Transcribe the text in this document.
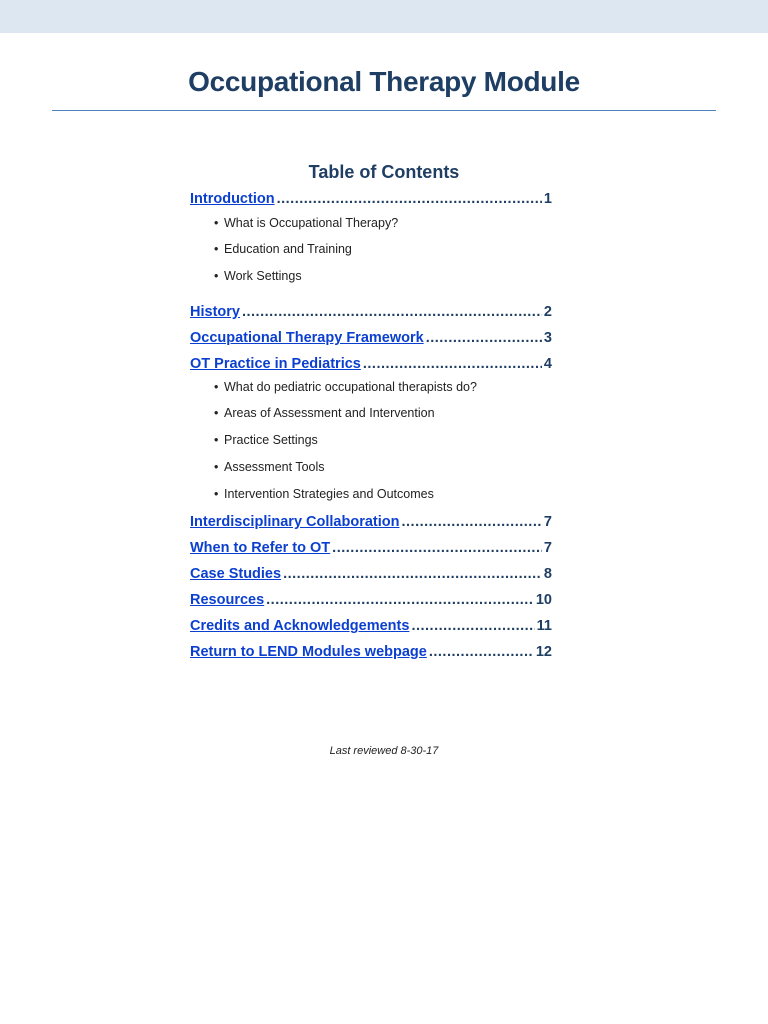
Occupational Therapy Module
Table of Contents
Introduction .....	1
• What is Occupational Therapy?
• Education and Training
• Work Settings
History .....	2
Occupational Therapy Framework .....	3
OT Practice in Pediatrics .....	4
• What do pediatric occupational therapists do?
• Areas of Assessment and Intervention
• Practice Settings
• Assessment Tools
• Intervention Strategies and Outcomes
Interdisciplinary Collaboration .....	7
When to Refer to OT .....	7
Case Studies .....	8
Resources .....	10
Credits and Acknowledgements .....	11
Return to LEND Modules webpage .....	12
Last reviewed 8-30-17
